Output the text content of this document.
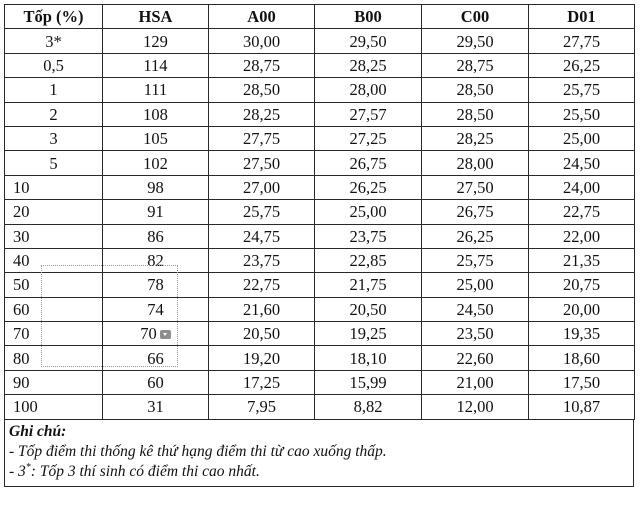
Tốp (%)	HSA	A00	B00	C00	D01
3*	129	30,00	29,50	29,50	27,75
0,5	114	28,75	28,25	28,75	26,25
1	111	28,50	28,00	28,50	25,75
2	108	28,25	27,57	28,50	25,50
3	105	27,75	27,25	28,25	25,00
5	102	27,50	26,75	28,00	24,50
10	98	27,00	26,25	27,50	24,00
20	91	25,75	25,00	26,75	22,75
30	86	24,75	23,75	26,25	22,00
40	82	23,75	22,85	25,75	21,35
50	78	22,75	21,75	25,00	20,75
60	74	21,60	20,50	24,50	20,00
70	70	20,50	19,25	23,50	19,35
80	66	19,20	18,10	22,60	18,60
90	60	17,25	15,99	21,00	17,50
100	31	7,95	8,82	12,00	10,87
Ghi chú:
- Tốp điểm thi thống kê thứ hạng điểm thi từ cao xuống thấp.
- 3*: Tốp 3 thí sinh có điểm thi cao nhất.
